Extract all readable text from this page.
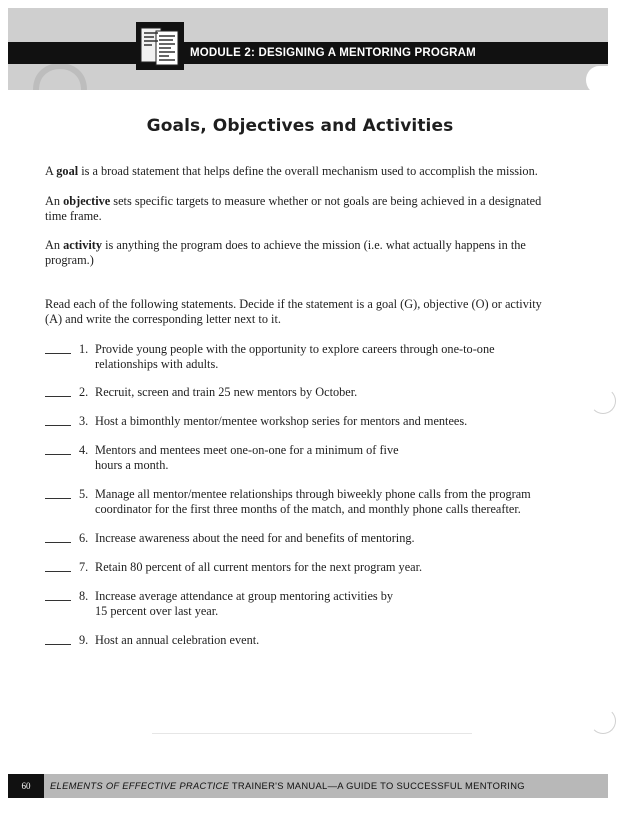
MODULE 2: DESIGNING A MENTORING PROGRAM
Goals, Objectives and Activities

A goal is a broad statement that helps define the overall mechanism used to accomplish the mission.

An objective sets specific targets to measure whether or not goals are being achieved in a designated time frame.

An activity is anything the program does to achieve the mission (i.e. what actually happens in the program.)

Read each of the following statements. Decide if the statement is a goal (G), objective (O) or activity (A) and write the corresponding letter next to it.

1. Provide young people with the opportunity to explore careers through one-to-one relationships with adults.
2. Recruit, screen and train 25 new mentors by October.
3. Host a bimonthly mentor/mentee workshop series for mentors and mentees.
4. Mentors and mentees meet one-on-one for a minimum of five hours a month.
5. Manage all mentor/mentee relationships through biweekly phone calls from the program coordinator for the first three months of the match, and monthly phone calls thereafter.
6. Increase awareness about the need for and benefits of mentoring.
7. Retain 80 percent of all current mentors for the next program year.
8. Increase average attendance at group mentoring activities by 15 percent over last year.
9. Host an annual celebration event.
60	ELEMENTS OF EFFECTIVE PRACTICE TRAINER'S MANUAL—A GUIDE TO SUCCESSFUL MENTORING
